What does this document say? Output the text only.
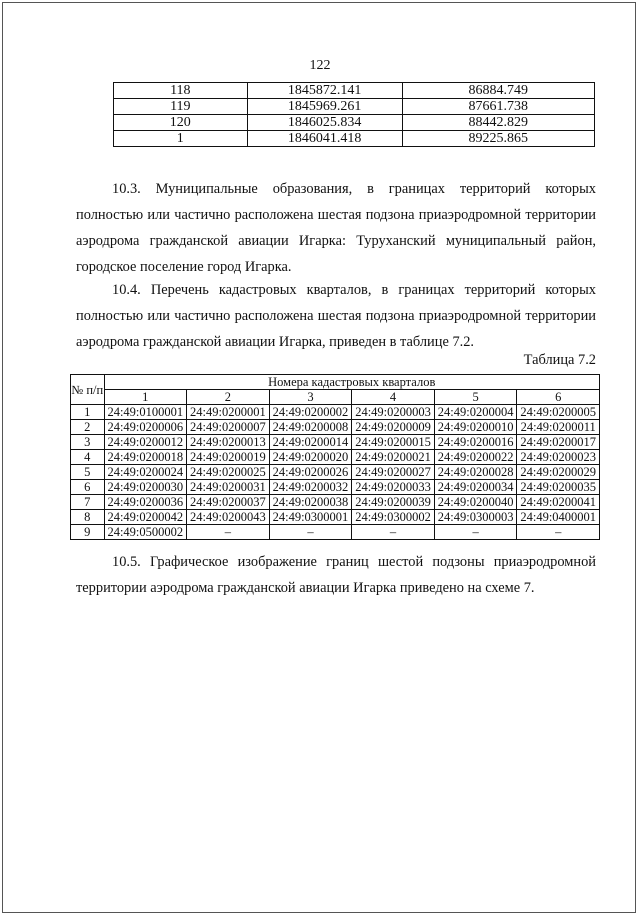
122
118	1845872.141	86884.749
119	1845969.261	87661.738
120	1846025.834	88442.829
1	1846041.418	89225.865

10.3. Муниципальные образования, в границах территорий которых полностью или частично расположена шестая подзона приаэродромной территории аэродрома гражданской авиации Игарка: Туруханский муниципальный район, городское поселение город Игарка.

10.4. Перечень кадастровых кварталов, в границах территорий которых полностью или частично расположена шестая подзона приаэродромной территории аэродрома гражданской авиации Игарка, приведен в таблице 7.2.

Таблица 7.2
№ п/п	Номера кадастровых кварталов					
	1	2	3	4	5	6
1	24:49:0100001	24:49:0200001	24:49:0200002	24:49:0200003	24:49:0200004	24:49:0200005
2	24:49:0200006	24:49:0200007	24:49:0200008	24:49:0200009	24:49:0200010	24:49:0200011
3	24:49:0200012	24:49:0200013	24:49:0200014	24:49:0200015	24:49:0200016	24:49:0200017
4	24:49:0200018	24:49:0200019	24:49:0200020	24:49:0200021	24:49:0200022	24:49:0200023
5	24:49:0200024	24:49:0200025	24:49:0200026	24:49:0200027	24:49:0200028	24:49:0200029
6	24:49:0200030	24:49:0200031	24:49:0200032	24:49:0200033	24:49:0200034	24:49:0200035
7	24:49:0200036	24:49:0200037	24:49:0200038	24:49:0200039	24:49:0200040	24:49:0200041
8	24:49:0200042	24:49:0200043	24:49:0300001	24:49:0300002	24:49:0300003	24:49:0400001
9	24:49:0500002	–	–	–	–	–

10.5. Графическое изображение границ шестой подзоны приаэродромной территории аэродрома гражданской авиации Игарка приведено на схеме 7.
